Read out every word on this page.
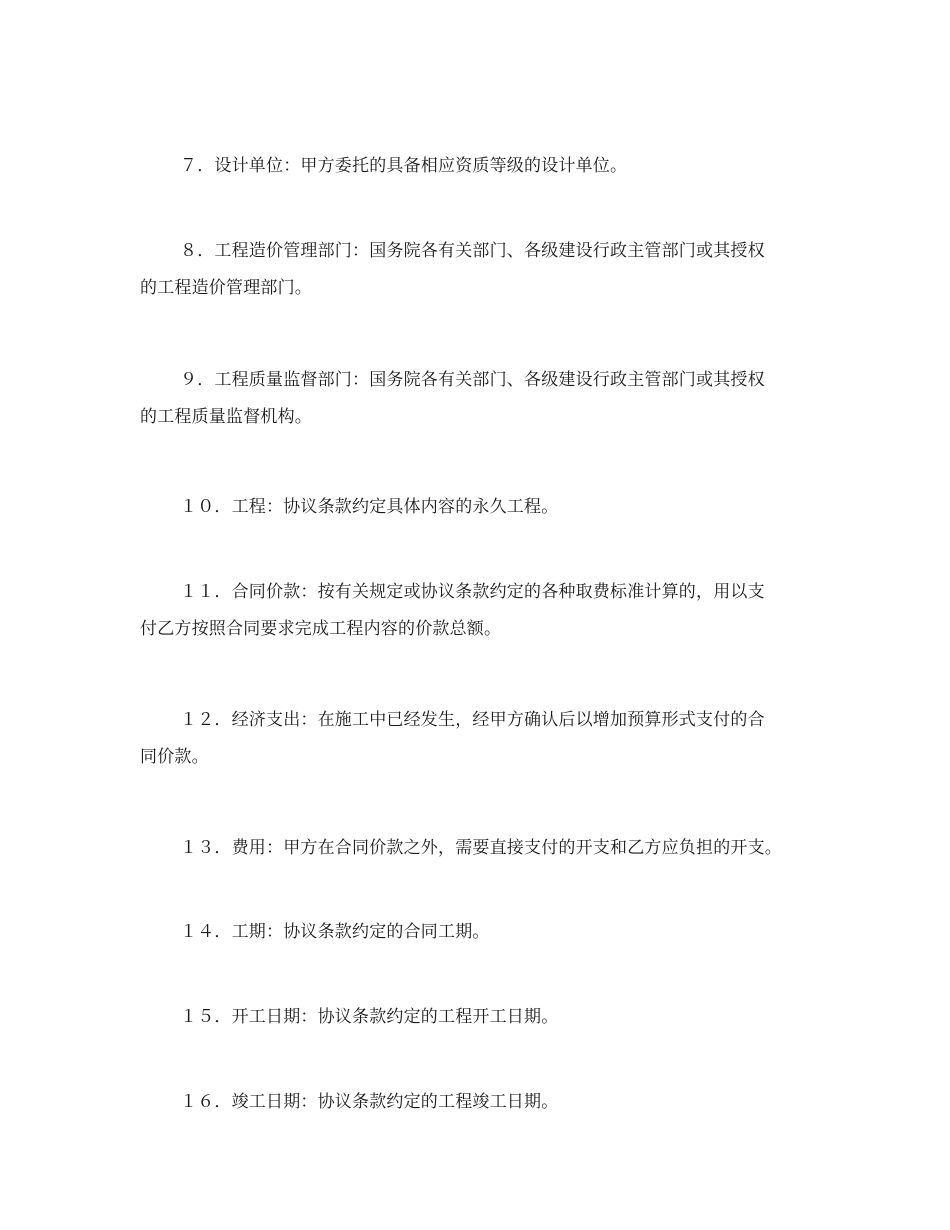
７．设计单位：甲方委托的具备相应资质等级的设计单位。
８．工程造价管理部门：国务院各有关部门、各级建设行政主管部门或其授权
的工程造价管理部门。
９．工程质量监督部门：国务院各有关部门、各级建设行政主管部门或其授权
的工程质量监督机构。
１０．工程：协议条款约定具体内容的永久工程。
１１．合同价款：按有关规定或协议条款约定的各种取费标准计算的，用以支
付乙方按照合同要求完成工程内容的价款总额。
１２．经济支出：在施工中已经发生，经甲方确认后以增加预算形式支付的合
同价款。
１３．费用：甲方在合同价款之外，需要直接支付的开支和乙方应负担的开支。
１４．工期：协议条款约定的合同工期。
１５．开工日期：协议条款约定的工程开工日期。
１６．竣工日期：协议条款约定的工程竣工日期。
